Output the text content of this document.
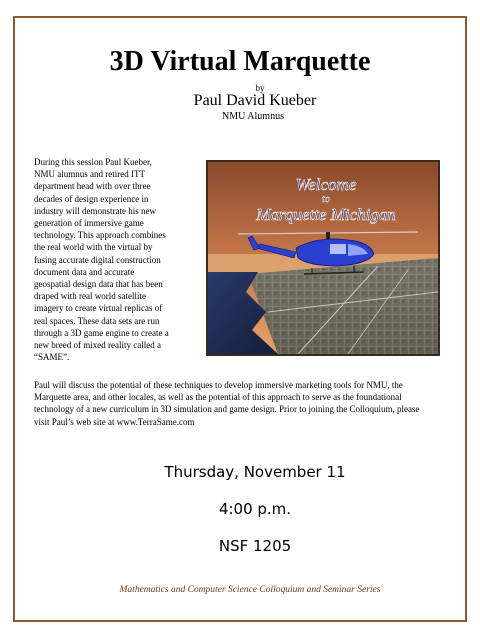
3D Virtual Marquette
by
Paul David Kueber
NMU Alumnus
During this session Paul Kueber,
NMU alumnus and retired ITT
department head with over three
decades of design experience in
industry will demonstrate his new
generation of immersive game
technology. This approach combines
the real world with the virtual by
fusing accurate digital construction
document data and accurate
geospatial design data that has been
draped with real world satellite
imagery to create virtual replicas of
real spaces. These data sets are run
through a 3D game engine to create a
new breed of mixed reality called a
“SAME”.
Welcome
to
Marquette Michigan
Paul will discuss the potential of these techniques to develop immersive marketing tools for NMU, the
Marquette area, and other locales, as well as the potential of this approach to serve as the foundational
technology of a new curriculum in 3D simulation and game design. Prior to joining the Colloquium, please
visit Paul’s web site at www.TerraSame.com
Thursday, November 11
4:00 p.m.
NSF 1205
Mathematics and Computer Science Colloquium and Seminar Series
